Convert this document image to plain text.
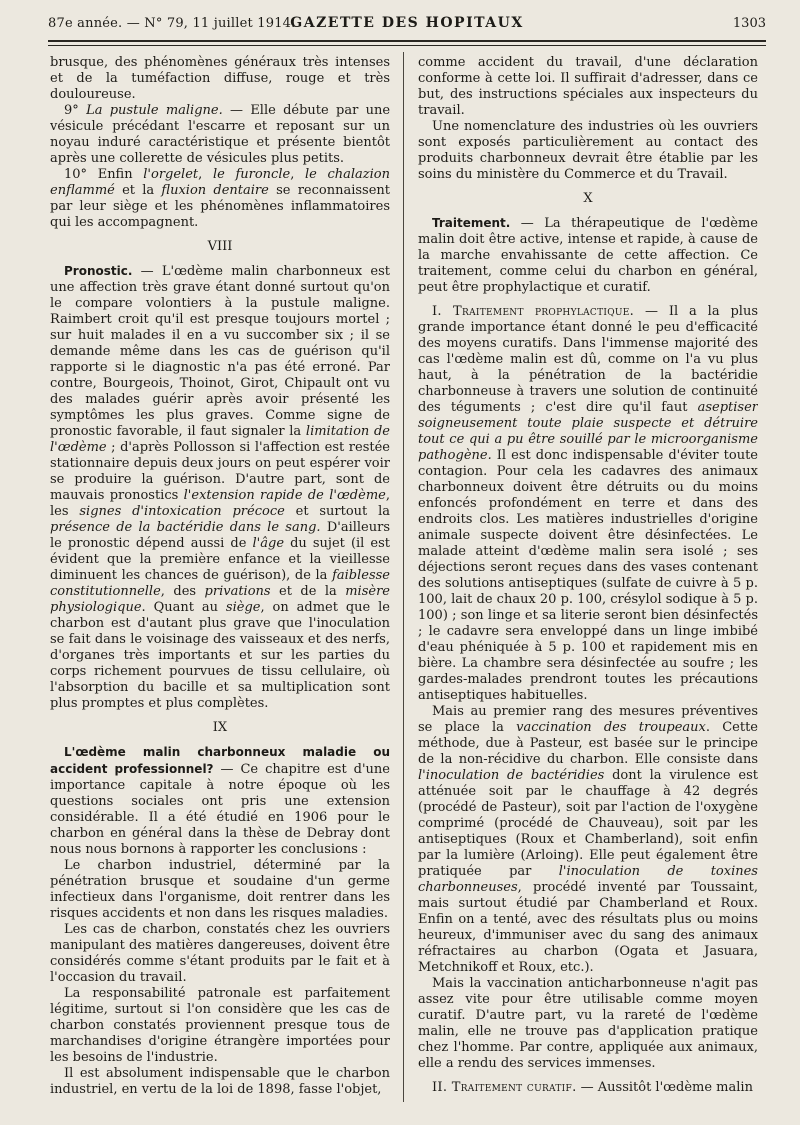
87e année. — N° 79, 11 juillet 1914.
GAZETTE DES HOPITAUX	1303

brusque, des phénomènes généraux très intenses et de la tuméfaction diffuse, rouge et très douloureuse.

9° La pustule maligne. — Elle débute par une vésicule précédant l'escarre et reposant sur un noyau induré caractéristique et présente bientôt après une collerette de vésicules plus petits.

10° Enfin l'orgelet, le furoncle, le chalazion enflammé et la fluxion dentaire se reconnaissent par leur siège et les phénomènes inflammatoires qui les accompagnent.

VIII

Pronostic. — L'œdème malin charbonneux est une affection très grave étant donné surtout qu'on le compare volontiers à la pustule maligne. Raimbert croit qu'il est presque toujours mortel ; sur huit malades il en a vu succomber six ; il se demande même dans les cas de guérison qu'il rapporte si le diagnostic n'a pas été erroné. Par contre, Bourgeois, Thoinot, Girot, Chipault ont vu des malades guérir après avoir présenté les symptômes les plus graves. Comme signe de pronostic favorable, il faut signaler la limitation de l'œdème ; d'après Pollosson si l'affection est restée stationnaire depuis deux jours on peut espérer voir se produire la guérison. D'autre part, sont de mauvais pronostics l'extension rapide de l'œdème, les signes d'intoxication précoce et surtout la présence de la bactéridie dans le sang. D'ailleurs le pronostic dépend aussi de l'âge du sujet (il est évident que la première enfance et la vieillesse diminuent les chances de guérison), de la faiblesse constitutionnelle, des privations et de la misère physiologique. Quant au siège, on admet que le charbon est d'autant plus grave que l'inoculation se fait dans le voisinage des vaisseaux et des nerfs, d'organes très importants et sur les parties du corps richement pourvues de tissu cellulaire, où l'absorption du bacille et sa multiplication sont plus promptes et plus complètes.

IX

L'œdème malin charbonneux maladie ou accident professionnel? — Ce chapitre est d'une importance capitale à notre époque où les questions sociales ont pris une extension considérable. Il a été étudié en 1906 pour le charbon en général dans la thèse de Debray dont nous nous bornons à rapporter les conclusions :

Le charbon industriel, déterminé par la pénétration brusque et soudaine d'un germe infectieux dans l'organisme, doit rentrer dans les risques accidents et non dans les risques maladies.

Les cas de charbon, constatés chez les ouvriers manipulant des matières dangereuses, doivent être considérés comme s'étant produits par le fait et à l'occasion du travail.

La responsabilité patronale est parfaitement légitime, surtout si l'on considère que les cas de charbon constatés proviennent presque tous de marchandises d'origine étrangère importées pour les besoins de l'industrie.

Il est absolument indispensable que le charbon industriel, en vertu de la loi de 1898, fasse l'objet,

comme accident du travail, d'une déclaration conforme à cette loi. Il suffirait d'adresser, dans ce but, des instructions spéciales aux inspecteurs du travail.

Une nomenclature des industries où les ouvriers sont exposés particulièrement au contact des produits charbonneux devrait être établie par les soins du ministère du Commerce et du Travail.

X

Traitement. — La thérapeutique de l'œdème malin doit être active, intense et rapide, à cause de la marche envahissante de cette affection. Ce traitement, comme celui du charbon en général, peut être prophylactique et curatif.

I. Traitement prophylactique. — Il a la plus grande importance étant donné le peu d'efficacité des moyens curatifs. Dans l'immense majorité des cas l'œdème malin est dû, comme on l'a vu plus haut, à la pénétration de la bactéridie charbonneuse à travers une solution de continuité des téguments ; c'est dire qu'il faut aseptiser soigneusement toute plaie suspecte et détruire tout ce qui a pu être souillé par le microorganisme pathogène. Il est donc indispensable d'éviter toute contagion. Pour cela les cadavres des animaux charbonneux doivent être détruits ou du moins enfoncés profondément en terre et dans des endroits clos. Les matières industrielles d'origine animale suspecte doivent être désinfectées. Le malade atteint d'œdème malin sera isolé ; ses déjections seront reçues dans des vases contenant des solutions antiseptiques (sulfate de cuivre à 5 p. 100, lait de chaux 20 p. 100, crésylol sodique à 5 p. 100) ; son linge et sa literie seront bien désinfectés ; le cadavre sera enveloppé dans un linge imbibé d'eau phéniquée à 5 p. 100 et rapidement mis en bière. La chambre sera désinfectée au soufre ; les gardes-malades prendront toutes les précautions antiseptiques habituelles.

Mais au premier rang des mesures préventives se place la vaccination des troupeaux. Cette méthode, due à Pasteur, est basée sur le principe de la non-récidive du charbon. Elle consiste dans l'inoculation de bactéridies dont la virulence est atténuée soit par le chauffage à 42 degrés (procédé de Pasteur), soit par l'action de l'oxygène comprimé (procédé de Chauveau), soit par les antiseptiques (Roux et Chamberland), soit enfin par la lumière (Arloing). Elle peut également être pratiquée par l'inoculation de toxines charbonneuses, procédé inventé par Toussaint, mais surtout étudié par Chamberland et Roux. Enfin on a tenté, avec des résultats plus ou moins heureux, d'immuniser avec du sang des animaux réfractaires au charbon (Ogata et Jasuara, Metchnikoff et Roux, etc.).

Mais la vaccination anticharbonneuse n'agit pas assez vite pour être utilisable comme moyen curatif. D'autre part, vu la rareté de l'œdème malin, elle ne trouve pas d'application pratique chez l'homme. Par contre, appliquée aux animaux, elle a rendu des services immenses.

II. Traitement curatif. — Aussitôt l'œdème malin
